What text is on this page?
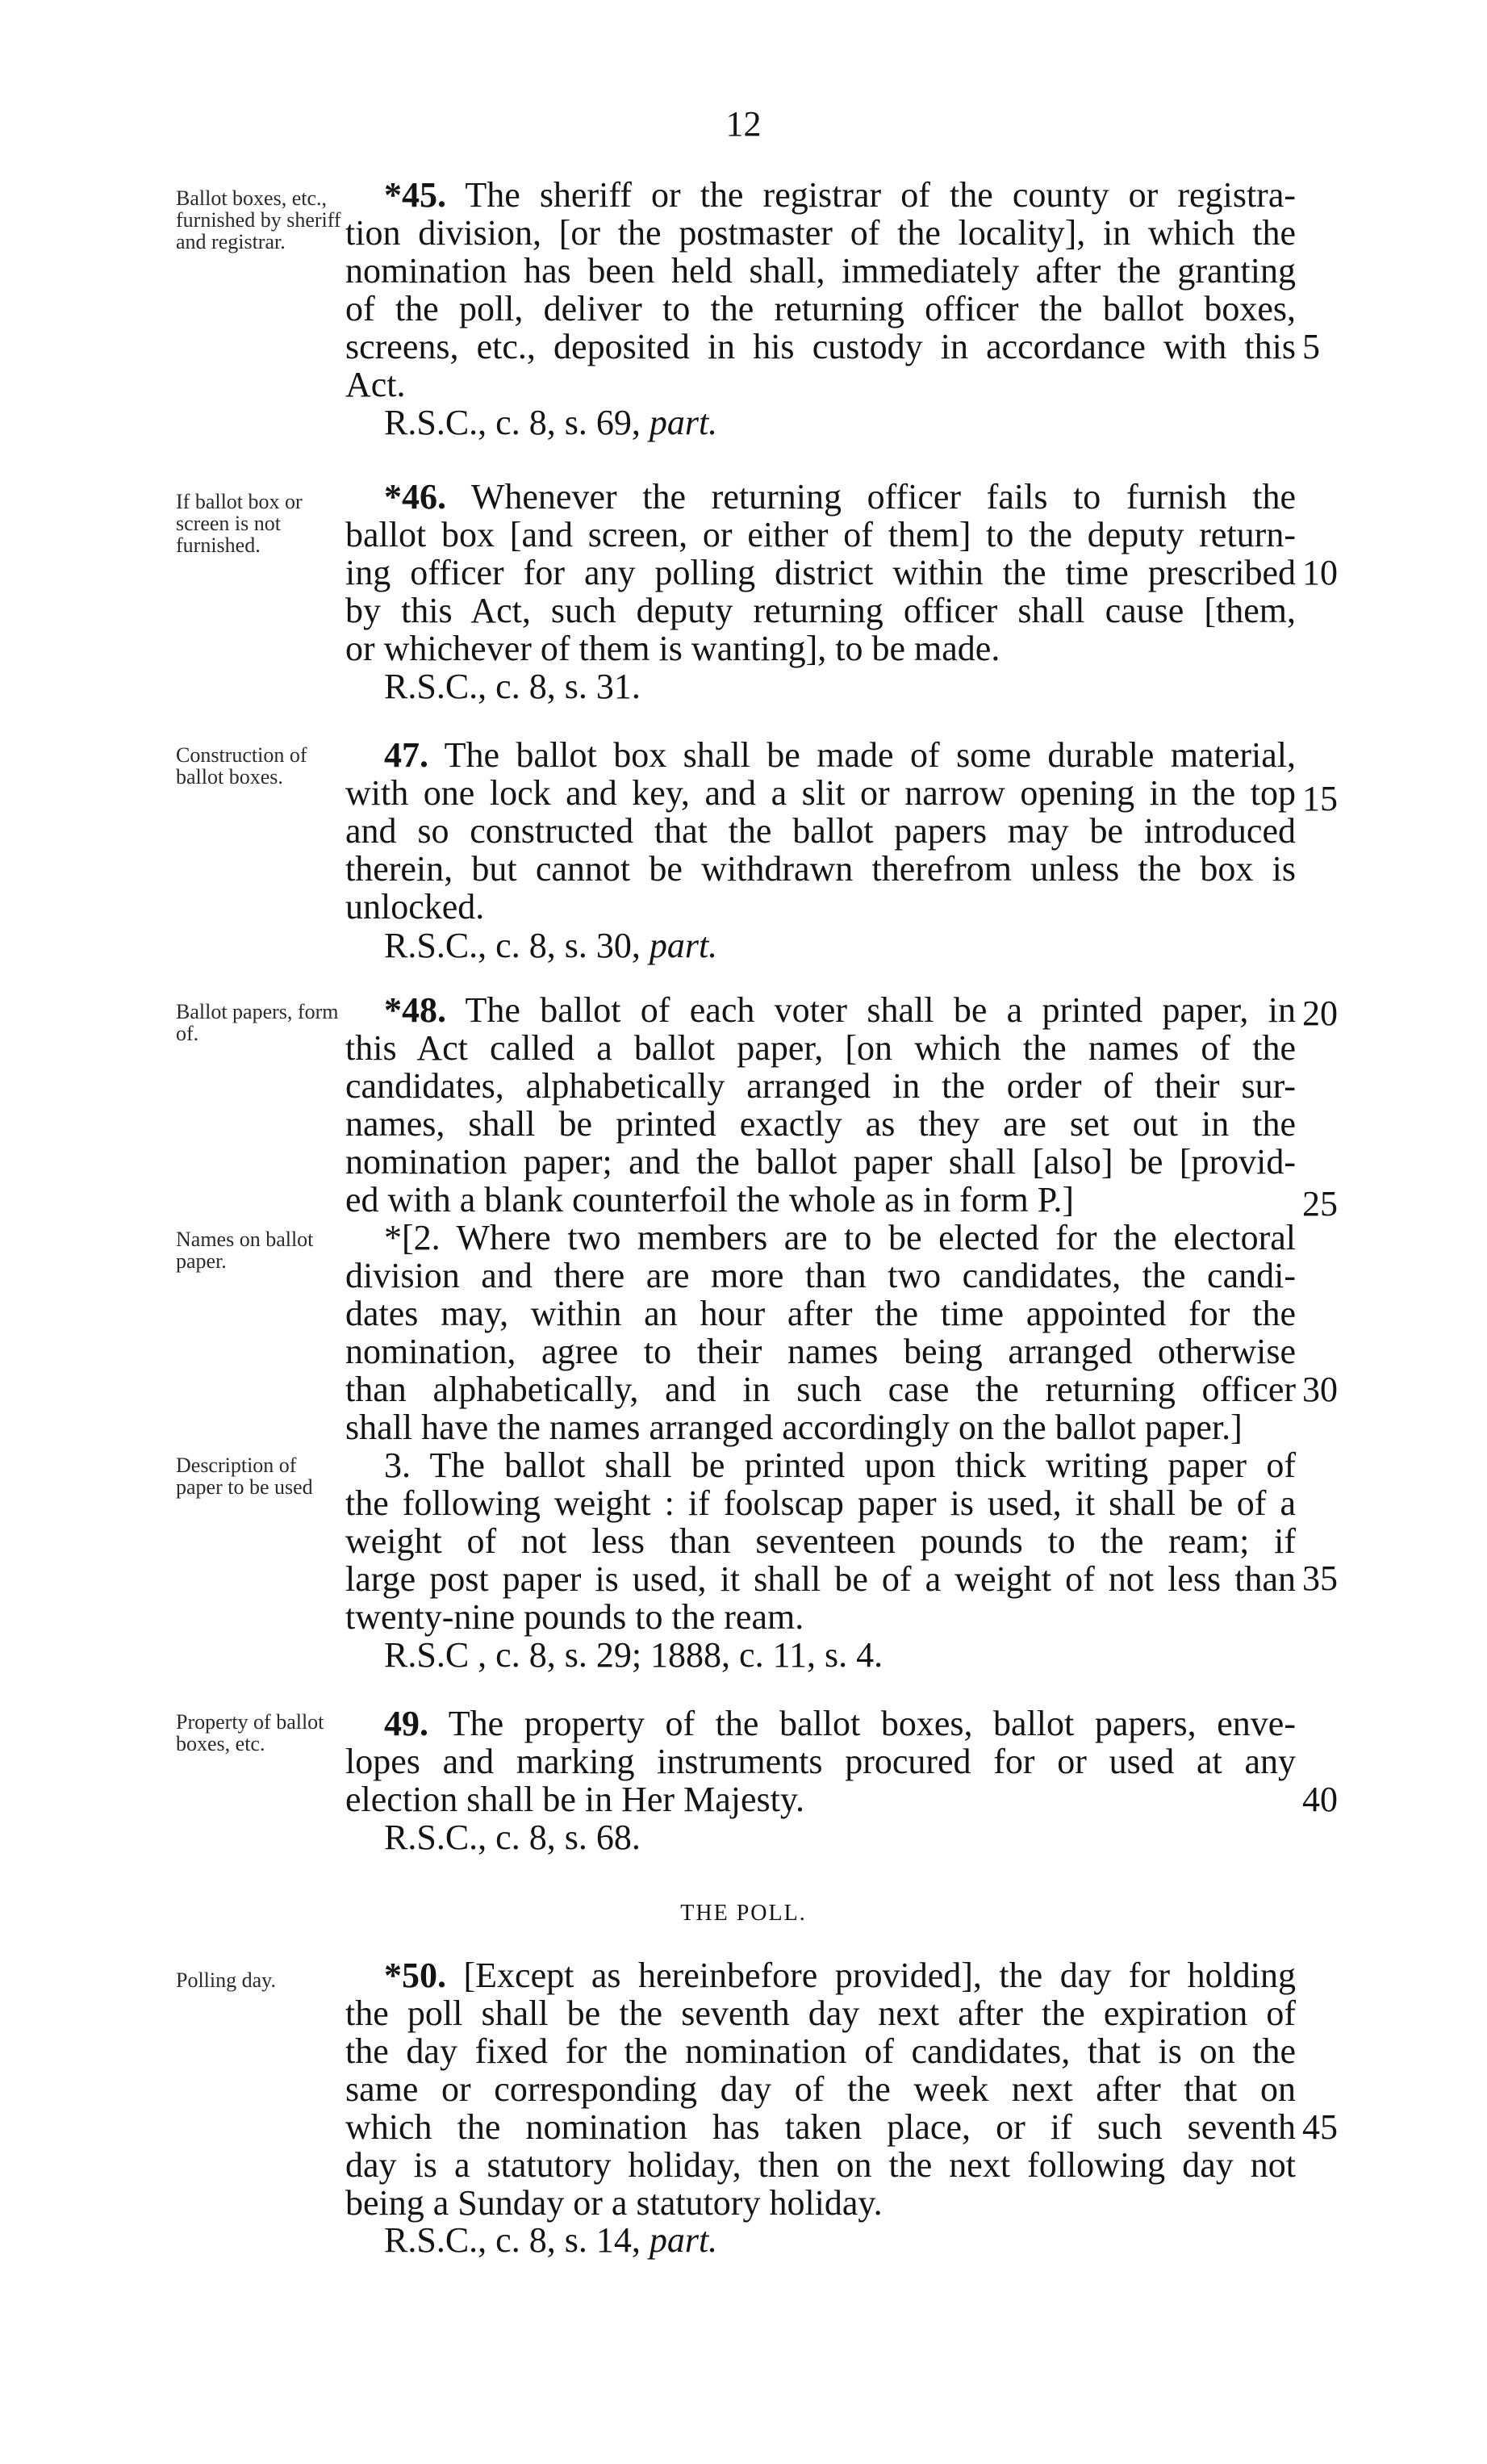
12
Ballot boxes, etc., furnished by sheriff and registrar.
*45. The sheriff or the registrar of the county or registra-
tion division, [or the postmaster of the locality], in which the
nomination has been held shall, immediately after the granting
of the poll, deliver to the returning officer the ballot boxes,
screens, etc., deposited in his custody in accordance with this
Act.
5
R.S.C., c. 8, s. 69, part.
If ballot box or screen is not furnished.
*46. Whenever the returning officer fails to furnish the
ballot box [and screen, or either of them] to the deputy return-
ing officer for any polling district within the time prescribed
by this Act, such deputy returning officer shall cause [them,
or whichever of them is wanting], to be made.
10
R.S.C., c. 8, s. 31.
Construction of ballot boxes.
47. The ballot box shall be made of some durable material,
with one lock and key, and a slit or narrow opening in the top
and so constructed that the ballot papers may be introduced
therein, but cannot be withdrawn therefrom unless the box is
unlocked.
15
R.S.C., c. 8, s. 30, part.
Ballot papers, form of.
*48. The ballot of each voter shall be a printed paper, in
this Act called a ballot paper, [on which the names of the
candidates, alphabetically arranged in the order of their sur-
names, shall be printed exactly as they are set out in the
nomination paper; and the ballot paper shall [also] be [provid-
ed with a blank counterfoil the whole as in form P.]
20
25
Names on ballot paper.
*[2. Where two members are to be elected for the electoral
division and there are more than two candidates, the candi-
dates may, within an hour after the time appointed for the
nomination, agree to their names being arranged otherwise
than alphabetically, and in such case the returning officer
shall have the names arranged accordingly on the ballot paper.]
30
Description of paper to be used
3. The ballot shall be printed upon thick writing paper of
the following weight : if foolscap paper is used, it shall be of a
weight of not less than seventeen pounds to the ream; if
large post paper is used, it shall be of a weight of not less than
twenty-nine pounds to the ream.
35
R.S.C , c. 8, s. 29; 1888, c. 11, s. 4.
Property of ballot boxes, etc.
49. The property of the ballot boxes, ballot papers, enve-
lopes and marking instruments procured for or used at any
election shall be in Her Majesty.	40
R.S.C., c. 8, s. 68.
THE POLL.
Polling day.	*50. [Except as hereinbefore provided], the day for holding
the poll shall be the seventh day next after the expiration of
the day fixed for the nomination of candidates, that is on the
same or corresponding day of the week next after that on
which the nomination has taken place, or if such seventh
day is a statutory holiday, then on the next following day not
being a Sunday or a statutory holiday.
45
R.S.C., c. 8, s. 14, part.
